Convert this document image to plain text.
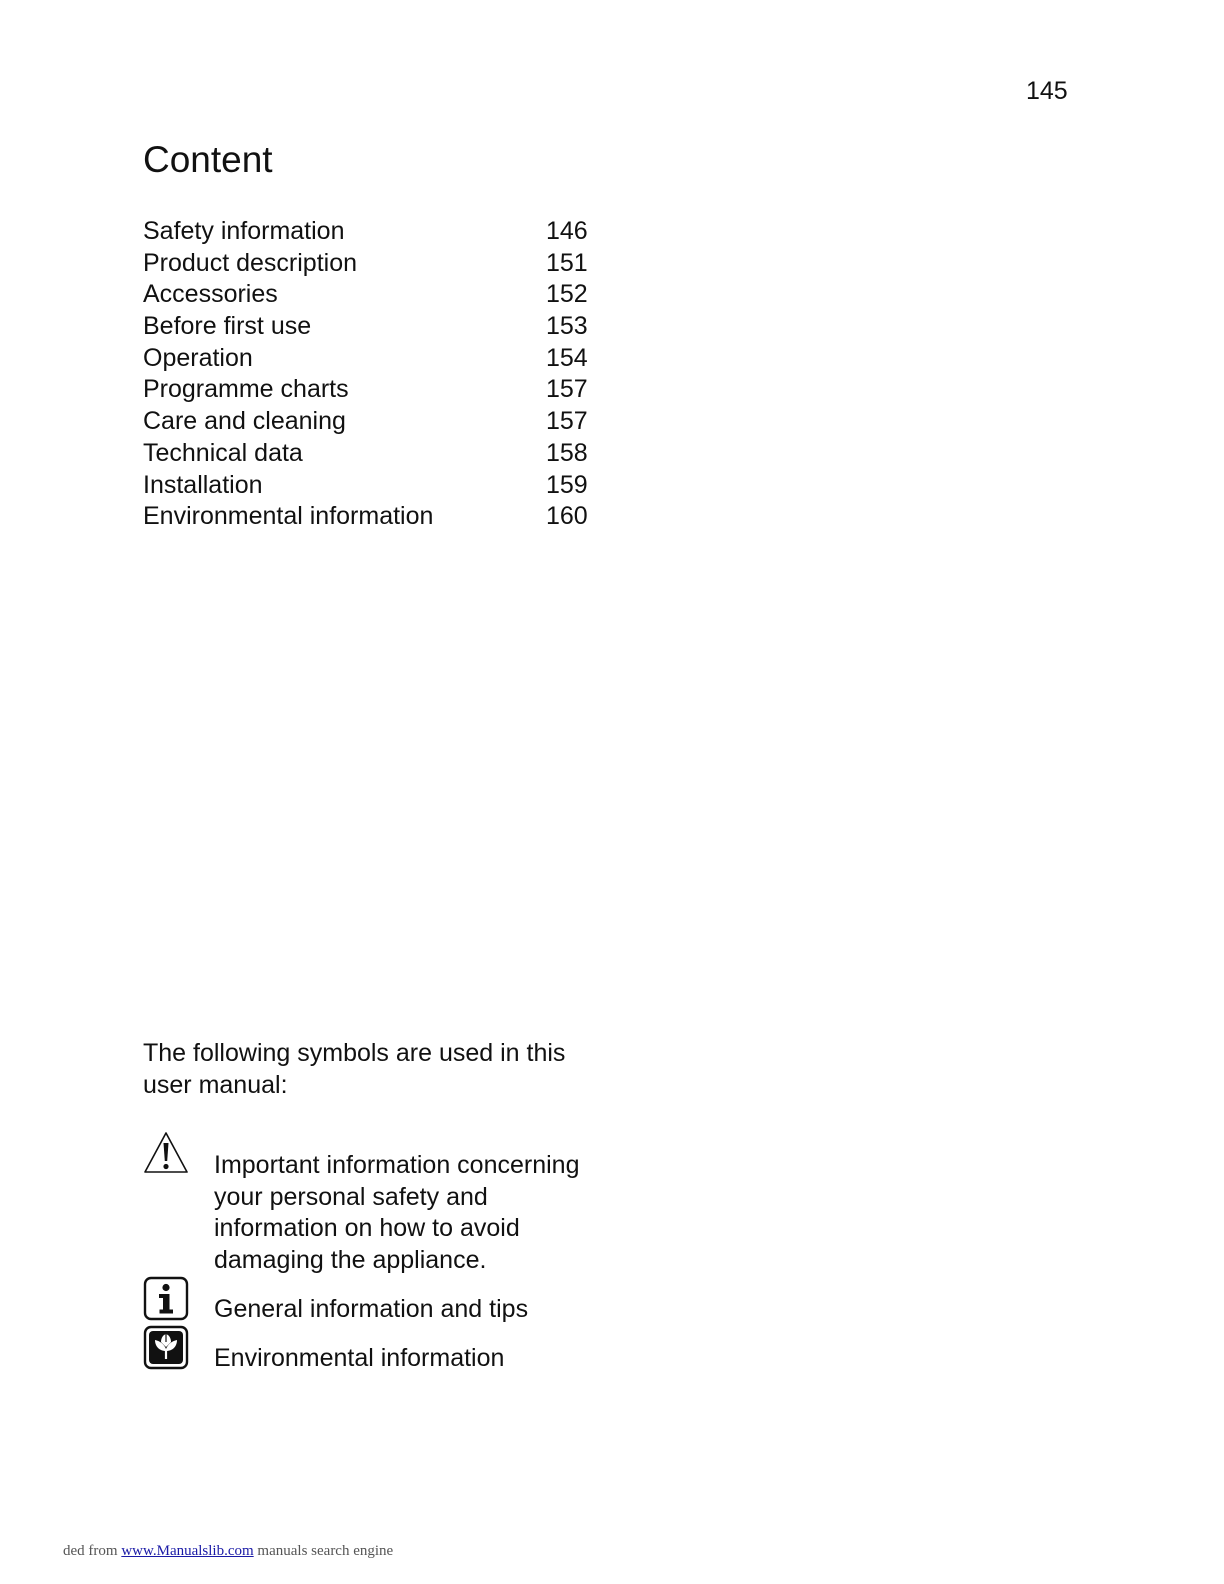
145
Content
Safety information	146
Product description	151
Accessories	152
Before first use	153
Operation	154
Programme charts	157
Care and cleaning	157
Technical data	158
Installation	159
Environmental information	160

The following symbols are used in this user manual:

Important information concerning your personal safety and information on how to avoid damaging the appliance.

General information and tips

Environmental information

ded from www.Manualslib.com manuals search engine
